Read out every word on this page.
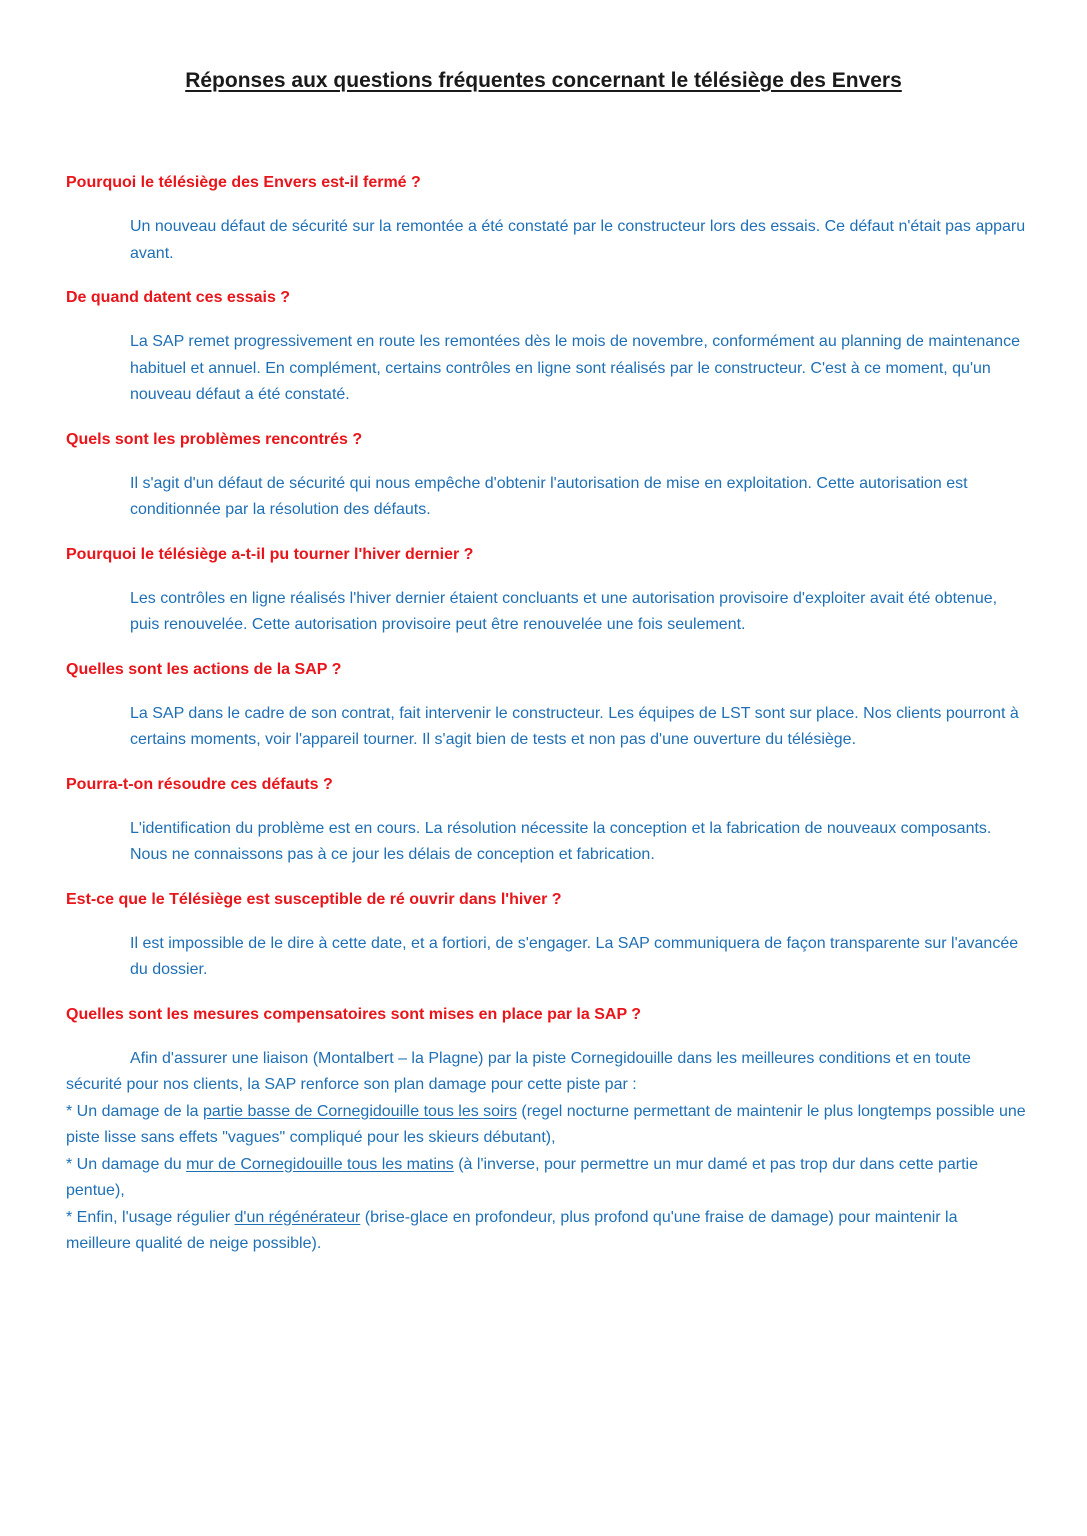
Réponses aux questions fréquentes concernant le télésiège des Envers

Pourquoi le télésiège des Envers est-il fermé ?

Un nouveau défaut de sécurité sur la remontée a été constaté par le constructeur lors des essais. Ce défaut n'était pas apparu avant.

De quand datent ces essais ?

La SAP remet progressivement en route les remontées dès le mois de novembre, conformément au planning de maintenance habituel et annuel. En complément, certains contrôles en ligne sont réalisés par le constructeur. C'est à ce moment, qu'un nouveau défaut a été constaté.

Quels sont les problèmes rencontrés ?

Il s'agit d'un défaut de sécurité qui nous empêche d'obtenir l'autorisation de mise en exploitation. Cette autorisation est conditionnée par la résolution des défauts.

Pourquoi le télésiège a-t-il pu tourner l'hiver dernier ?

Les contrôles en ligne réalisés l'hiver dernier étaient concluants et une autorisation provisoire d'exploiter avait été obtenue, puis renouvelée. Cette autorisation provisoire peut être renouvelée une fois seulement.

Quelles sont les actions de la SAP ?

La SAP dans le cadre de son contrat, fait intervenir le constructeur. Les équipes de LST sont sur place. Nos clients pourront à certains moments, voir l'appareil tourner. Il s'agit bien de tests et non pas d'une ouverture du télésiège.

Pourra-t-on résoudre ces défauts ?

L'identification du problème est en cours. La résolution nécessite la conception et la fabrication de nouveaux composants. Nous ne connaissons pas à ce jour les délais de conception et fabrication.

Est-ce que le Télésiège est susceptible de ré ouvrir dans l'hiver ?

Il est impossible de le dire à cette date, et a fortiori, de s'engager. La SAP communiquera de façon transparente sur l'avancée du dossier.

Quelles sont les mesures compensatoires sont mises en place par la SAP ?

Afin d'assurer une liaison (Montalbert – la Plagne) par la piste Cornegidouille dans les meilleures conditions et en toute sécurité pour nos clients, la SAP renforce son plan damage pour cette piste par :

* Un damage de la partie basse de Cornegidouille tous les soirs (regel nocturne permettant de maintenir le plus longtemps possible une piste lisse sans effets "vagues" compliqué pour les skieurs débutant),

* Un damage du mur de Cornegidouille tous les matins (à l'inverse, pour permettre un mur damé et pas trop dur dans cette partie pentue),

* Enfin, l'usage régulier d'un régénérateur (brise-glace en profondeur, plus profond qu'une fraise de damage) pour maintenir la meilleure qualité de neige possible).
